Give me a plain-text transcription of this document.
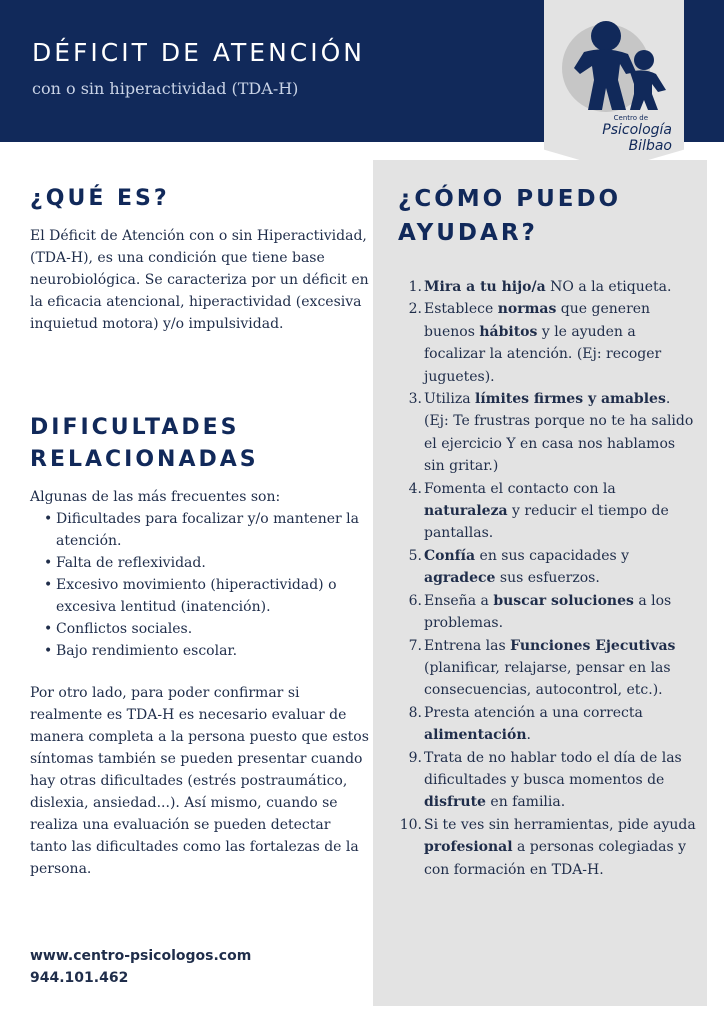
DÉFICIT DE ATENCIÓN
con o sin hiperactividad (TDA-H)
Centro de
Psicología Bilbao
¿QUÉ ES?

El Déficit de Atención con o sin Hiperactividad, (TDA-H), es una condición que tiene base neurobiológica. Se caracteriza por un déficit en la eficacia atencional, hiperactividad (excesiva inquietud motora) y/o impulsividad.

DIFICULTADES
RELACIONADAS

Algunas de las más frecuentes son:

• Dificultades para focalizar y/o mantener la atención.
• Falta de reflexividad.
• Excesivo movimiento (hiperactividad) o excesiva lentitud (inatención).
• Conflictos sociales.
• Bajo rendimiento escolar.

Por otro lado, para poder confirmar si realmente es TDA-H es necesario evaluar de manera completa a la persona puesto que estos síntomas también se pueden presentar cuando hay otras dificultades (estrés postraumático, dislexia, ansiedad...). Así mismo, cuando se realiza una evaluación se pueden detectar tanto las dificultades como las fortalezas de la persona.

www.centro-psicologos.com
944.101.462
¿CÓMO PUEDO
AYUDAR?
1. Mira a tu hijo/a NO a la etiqueta.
2. Establece normas que generen buenos hábitos y le ayuden a focalizar la atención. (Ej: recoger juguetes).
3. Utiliza límites firmes y amables. (Ej: Te frustras porque no te ha salido el ejercicio Y en casa nos hablamos sin gritar.)
4. Fomenta el contacto con la naturaleza y reducir el tiempo de pantallas.
5. Confía en sus capacidades y agradece sus esfuerzos.
6. Enseña a buscar soluciones a los problemas.
7. Entrena las Funciones Ejecutivas (planificar, relajarse, pensar en las consecuencias, autocontrol, etc.).
8. Presta atención a una correcta alimentación.
9. Trata de no hablar todo el día de las dificultades y busca momentos de disfrute en familia.
10. Si te ves sin herramientas, pide ayuda profesional a personas colegiadas y con formación en TDA-H.
